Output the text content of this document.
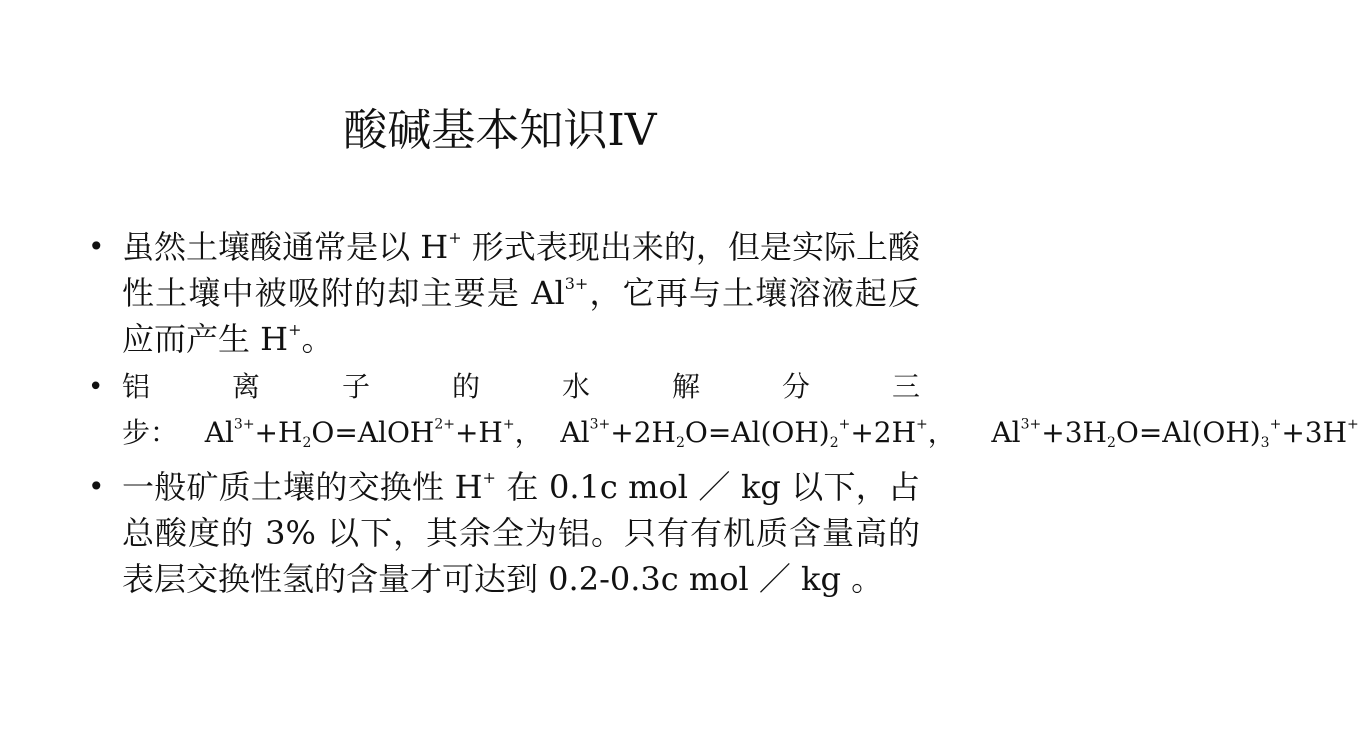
酸碱基本知识IV
• 虽然土壤酸通常是以 H+ 形式表现出来的，但是实际上酸性土壤中被吸附的却主要是 $Al^{3+}$，它再与土壤溶液起反应而产生 H+。
• 铝离子的水解分三步： $Al^{3+}+H_2O=AlOH^{2+}+H^+$， $Al^{3+}+2H_2O=Al(OH)_2^++2H^+$， $Al^{3+}+3H_2O=Al(OH)_3^++3H^+$
• 一般矿质土壤的交换性 H+ 在 0.1c mol ／ kg 以下，占总酸度的 3% 以下，其余全为铝。只有有机质含量高的表层交换性氢的含量才可达到 0.2-0.3c mol ／ kg 。
